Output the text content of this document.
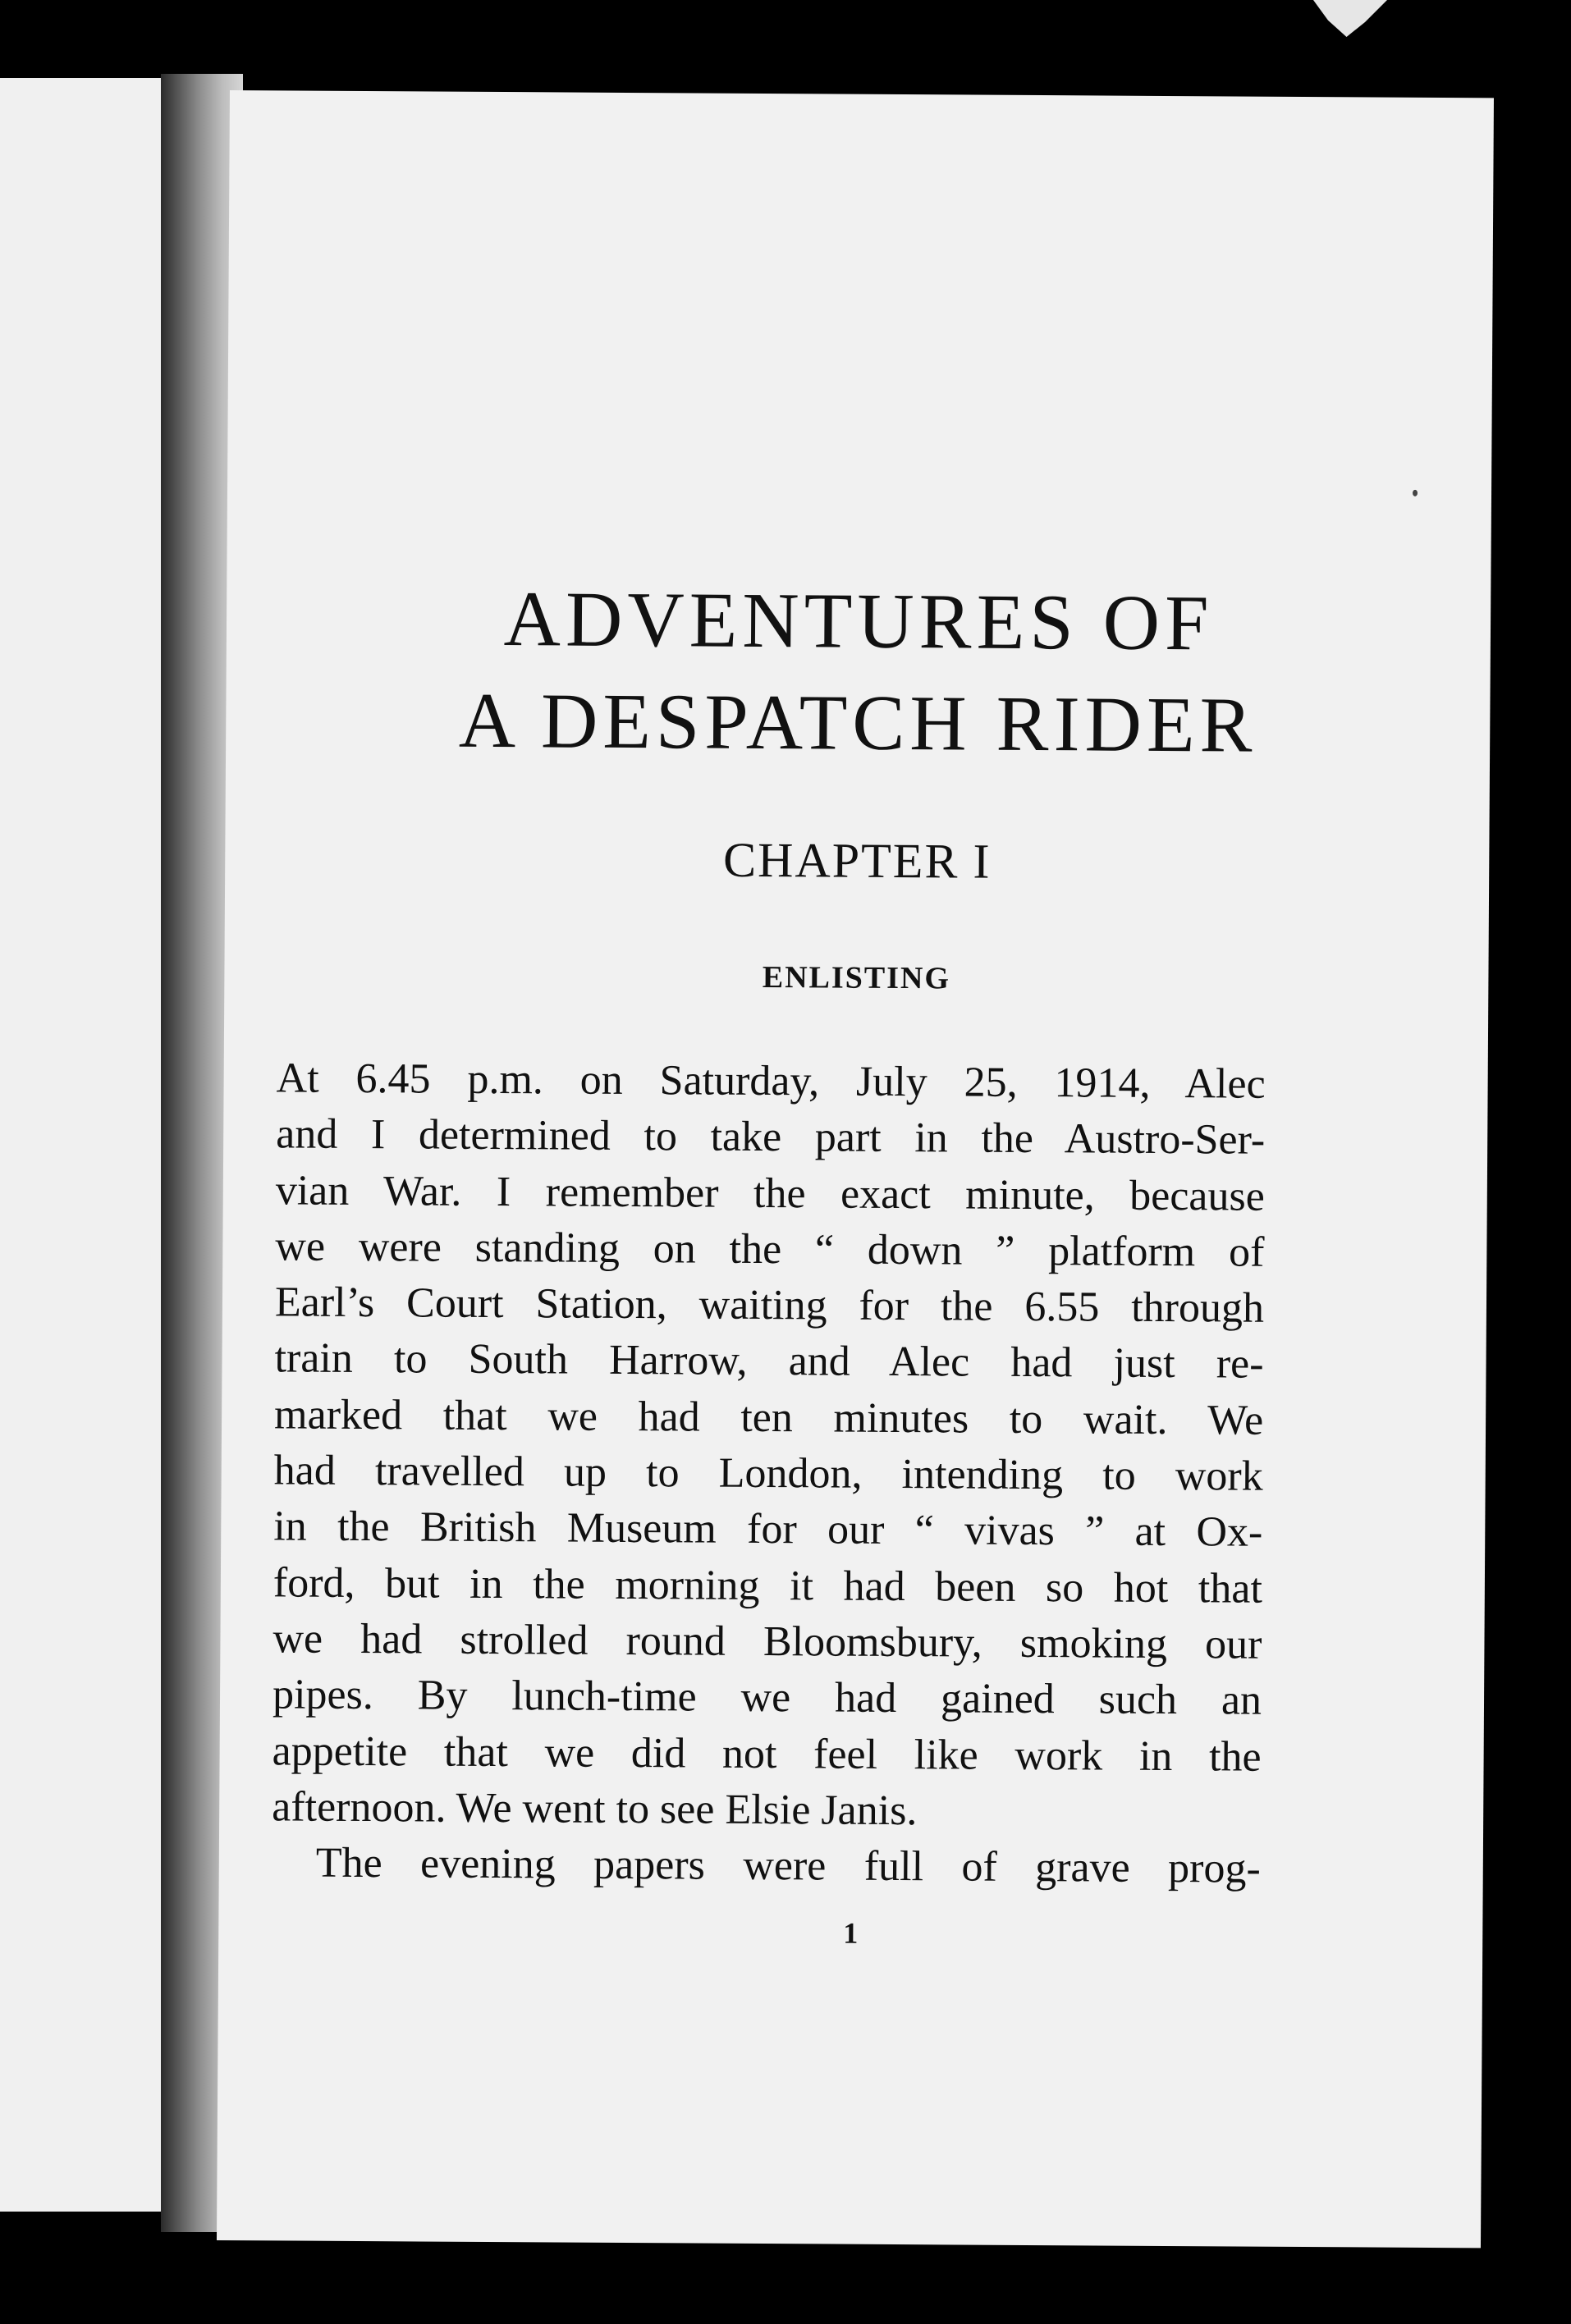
ADVENTURES OF
A DESPATCH RIDER
CHAPTER I
ENLISTING
At 6.45 p.m. on Saturday, July 25, 1914, Alec
and I determined to take part in the Austro-Ser-
vian War. I remember the exact minute, because
we were standing on the “ down ” platform of
Earl’s Court Station, waiting for the 6.55 through
train to South Harrow, and Alec had just re-
marked that we had ten minutes to wait. We
had travelled up to London, intending to work
in the British Museum for our “ vivas ” at Ox-
ford, but in the morning it had been so hot that
we had strolled round Bloomsbury, smoking our
pipes. By lunch-time we had gained such an
appetite that we did not feel like work in the
afternoon. We went to see Elsie Janis.
The evening papers were full of grave prog-
1
